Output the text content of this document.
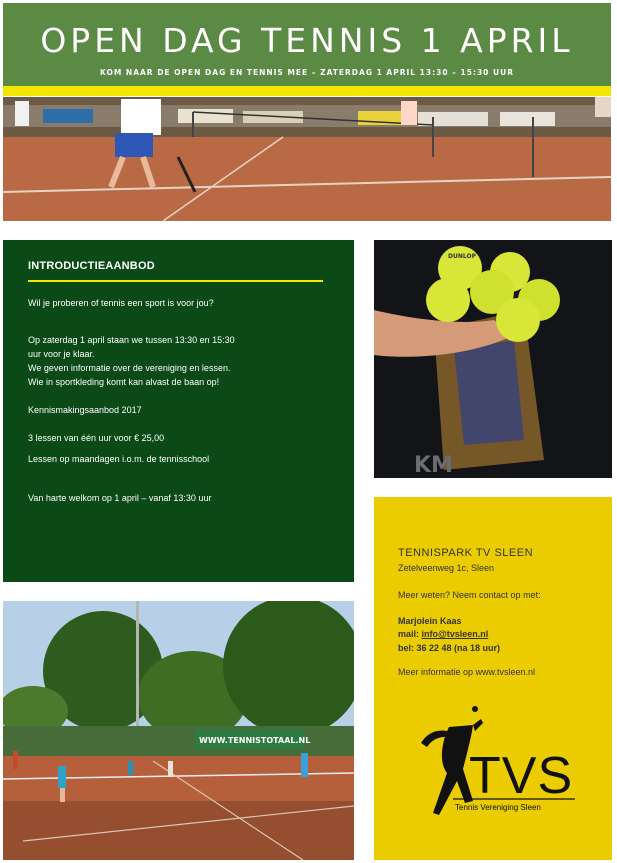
OPEN DAG TENNIS 1 APRIL
KOM NAAR DE OPEN DAG EN TENNIS MEE – ZATERDAG 1 APRIL 13:30 – 15:30 UUR
INTRODUCTIEAANBOD
Wil je proberen of tennis een sport is voor jou?
Op zaterdag 1 april staan we tussen 13:30 en 15:30
uur voor je klaar.
We geven informatie over de vereniging en lessen.
Wie in sportkleding komt kan alvast de baan op!
Kennismakingsaanbod 2017
3 lessen van één uur voor € 25,00
Lessen op maandagen i.o.m. de tennisschool
Van harte welkom op 1 april – vanaf 13:30 uur
KM
DUNLOP
TENNISPARK TV SLEEN
Zetelveenweg 1c, Sleen
Meer weten? Neem contact op met:
Marjolein Kaas
mail: info@tvsleen.nl
bel: 36 22 48 (na 18 uur)
Meer informatie op www.tvsleen.nl
TVS
Tennis Vereniging Sleen
WWW.TENNISTOTAAL.NL
